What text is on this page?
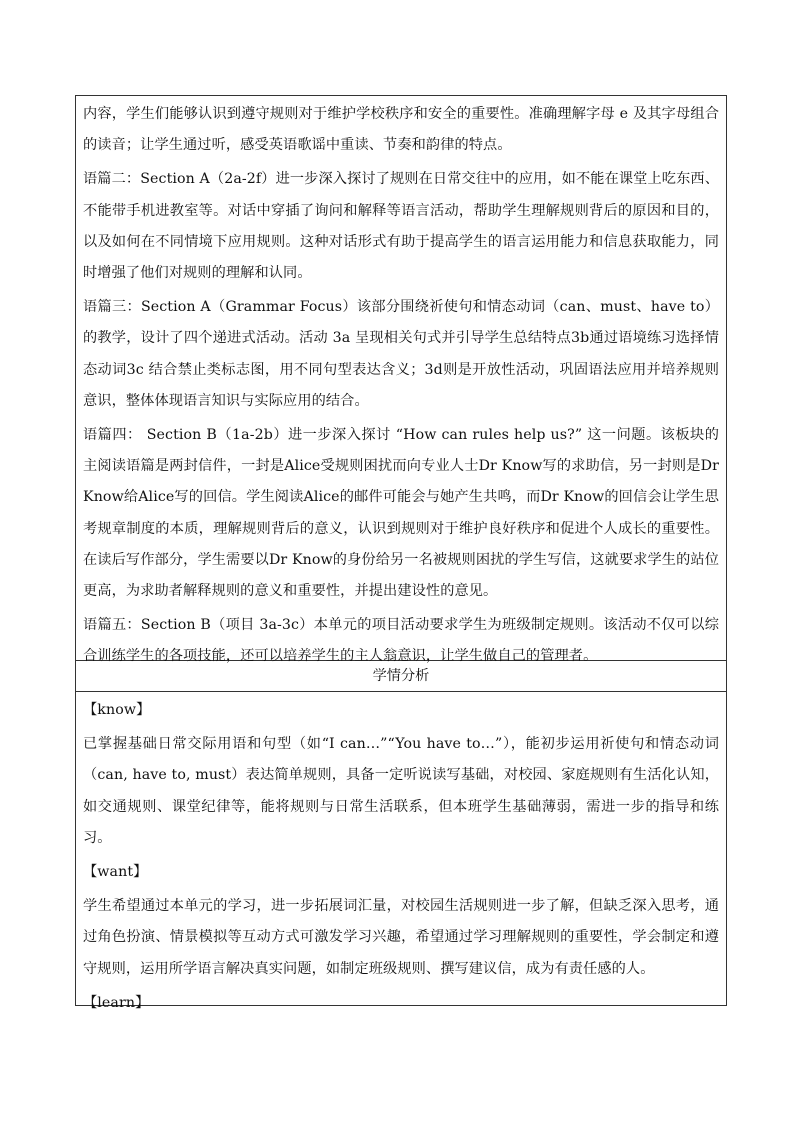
内容，学生们能够认识到遵守规则对于维护学校秩序和安全的重要性。准确理解字母 e 及其字母组合的读音；让学生通过听，感受英语歌谣中重读、节奏和韵律的特点。

语篇二：Section A（2a-2f）进一步深入探讨了规则在日常交往中的应用，如不能在课堂上吃东西、不能带手机进教室等。对话中穿插了询问和解释等语言活动，帮助学生理解规则背后的原因和目的，以及如何在不同情境下应用规则。这种对话形式有助于提高学生的语言运用能力和信息获取能力，同时增强了他们对规则的理解和认同。

语篇三：Section A（Grammar Focus）该部分围绕祈使句和情态动词（can、must、have to）的教学，设计了四个递进式活动。活动 3a 呈现相关句式并引导学生总结特点3b通过语境练习选择情态动词3c 结合禁止类标志图，用不同句型表达含义；3d则是开放性活动，巩固语法应用并培养规则意识，整体体现语言知识与实际应用的结合。

语篇四： Section B（1a-2b）进一步深入探讨 “How can rules help us?” 这一问题。该板块的主阅读语篇是两封信件，一封是Alice受规则困扰而向专业人士Dr Know写的求助信，另一封则是Dr Know给Alice写的回信。学生阅读Alice的邮件可能会与她产生共鸣，而Dr Know的回信会让学生思考规章制度的本质，理解规则背后的意义，认识到规则对于维护良好秩序和促进个人成长的重要性。在读后写作部分，学生需要以Dr Know的身份给另一名被规则困扰的学生写信，这就要求学生的站位更高，为求助者解释规则的意义和重要性，并提出建设性的意见。

语篇五：Section B（项目 3a-3c）本单元的项目活动要求学生为班级制定规则。该活动不仅可以综合训练学生的各项技能，还可以培养学生的主人翁意识，让学生做自己的管理者。

学情分析

【know】

已掌握基础日常交际用语和句型（如“I can…”“You have to…”），能初步运用祈使句和情态动词（can, have to, must）表达简单规则，具备一定听说读写基础，对校园、家庭规则有生活化认知，如交通规则、课堂纪律等，能将规则与日常生活联系，但本班学生基础薄弱，需进一步的指导和练习。

【want】

学生希望通过本单元的学习，进一步拓展词汇量，对校园生活规则进一步了解，但缺乏深入思考，通过角色扮演、情景模拟等互动方式可激发学习兴趣，希望通过学习理解规则的重要性，学会制定和遵守规则，运用所学语言解决真实问题，如制定班级规则、撰写建议信，成为有责任感的人。

【learn】
